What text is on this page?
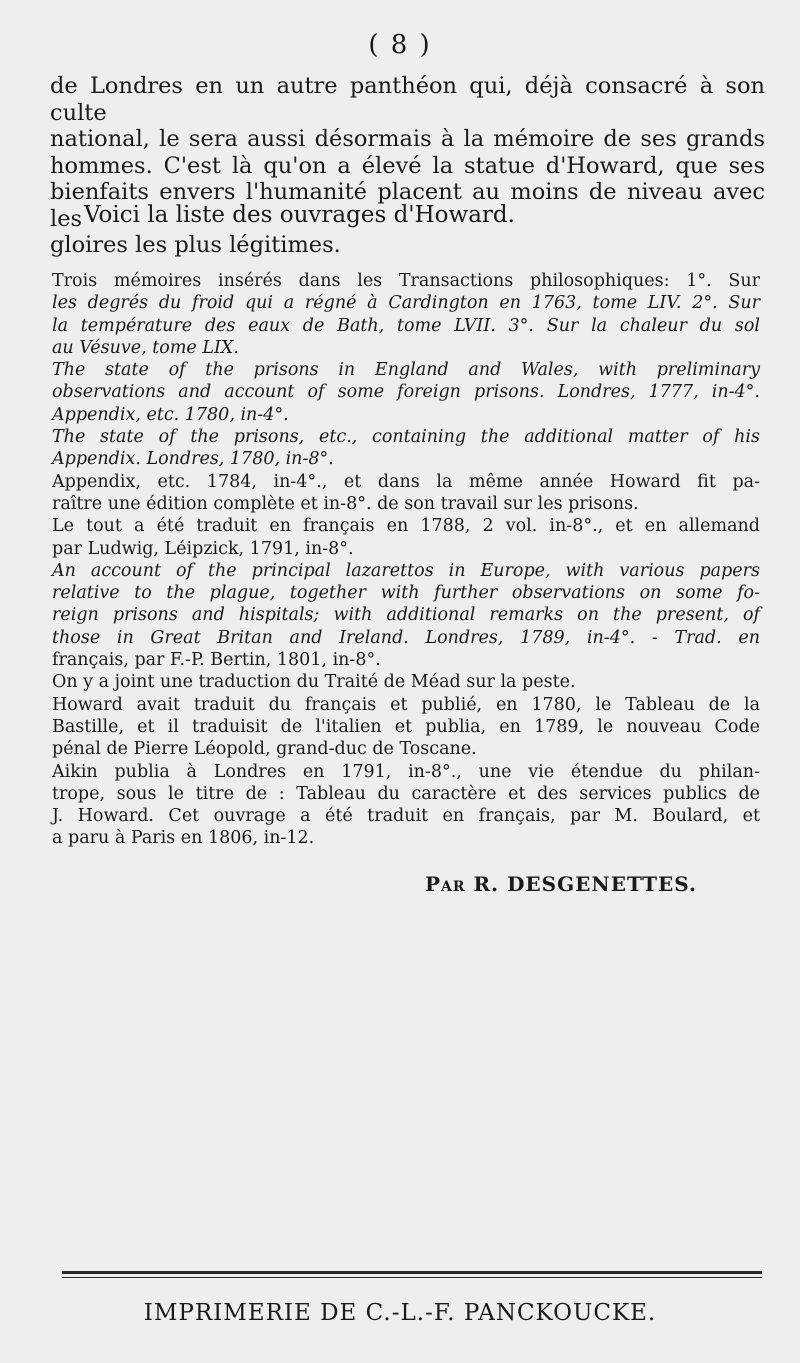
( 8 )
de Londres en un autre panthéon qui, déjà consacré à son culte
national, le sera aussi désormais à la mémoire de ses grands
hommes. C'est là qu'on a élevé la statue d'Howard, que ses
bienfaits envers l'humanité placent au moins de niveau avec les
gloires les plus légitimes.
Voici la liste des ouvrages d'Howard.
Trois mémoires insérés dans les Transactions philosophiques: 1°. Sur
les degrés du froid qui a régné à Cardington en 1763, tome LIV. 2°. Sur
la température des eaux de Bath, tome LVII. 3°. Sur la chaleur du sol
au Vésuve, tome LIX.
The state of the prisons in England and Wales, with preliminary
observations and account of some foreign prisons. Londres, 1777, in-4°.
Appendix, etc. 1780, in-4°.
The state of the prisons, etc., containing the additional matter of his
Appendix. Londres, 1780, in-8°.
Appendix, etc. 1784, in-4°., et dans la même année Howard fit pa-
raître une édition complète et in-8°. de son travail sur les prisons.
Le tout a été traduit en français en 1788, 2 vol. in-8°., et en allemand
par Ludwig, Léipzick, 1791, in-8°.
An account of the principal lazarettos in Europe, with various papers
relative to the plague, together with further observations on some fo-
reign prisons and hispitals; with additional remarks on the present, of
those in Great Britan and Ireland. Londres, 1789, in-4°. - Trad. en
français, par F.-P. Bertin, 1801, in-8°.
On y a joint une traduction du Traité de Méad sur la peste.
Howard avait traduit du français et publié, en 1780, le Tableau de la
Bastille, et il traduisit de l'italien et publia, en 1789, le nouveau Code
pénal de Pierre Léopold, grand-duc de Toscane.
Aikin publia à Londres en 1791, in-8°., une vie étendue du philan-
trope, sous le titre de : Tableau du caractère et des services publics de
J. Howard. Cet ouvrage a été traduit en français, par M. Boulard, et
a paru à Paris en 1806, in-12.
Par R. DESGENETTES.
IMPRIMERIE DE C.-L.-F. PANCKOUCKE.
